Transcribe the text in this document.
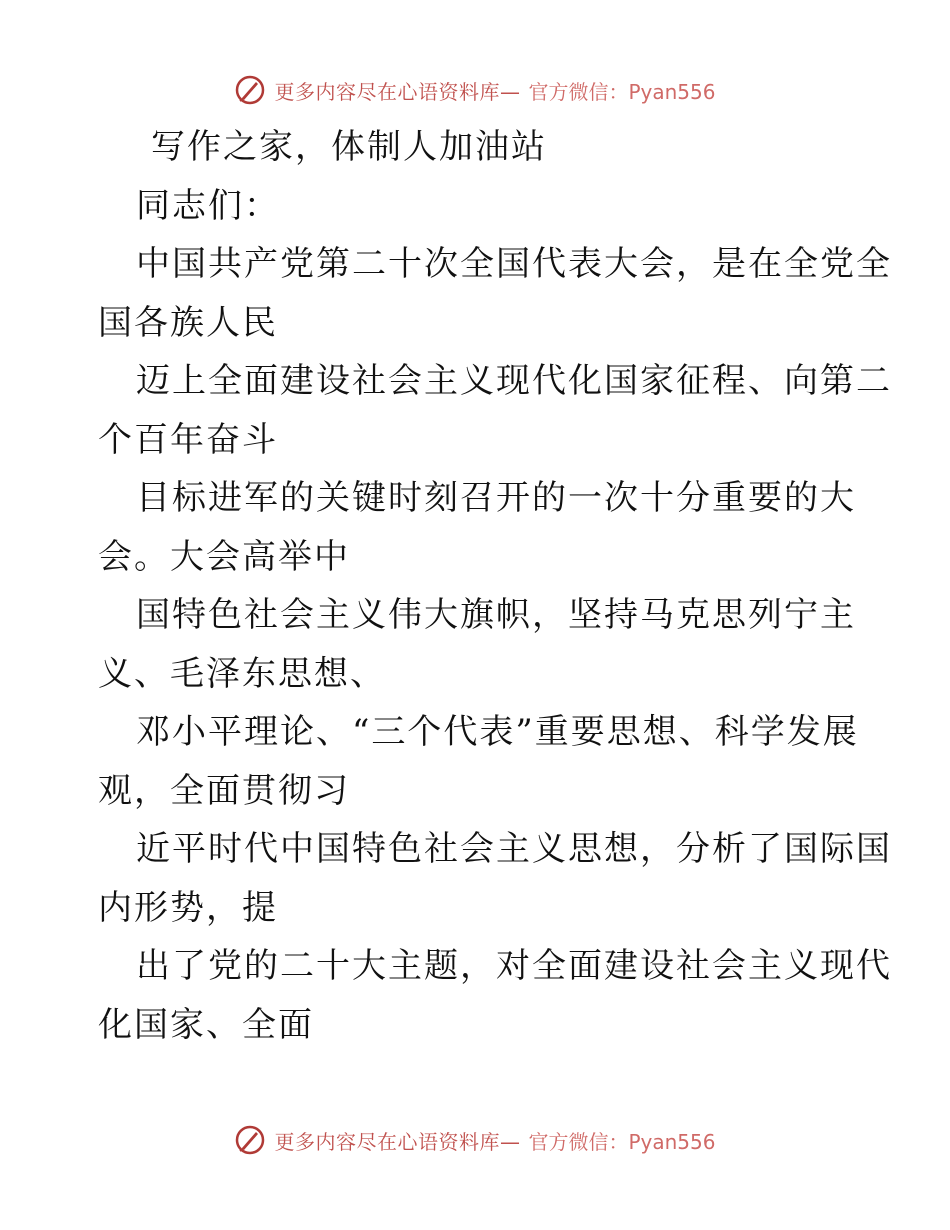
更多内容尽在心语资料库— 官方微信：Pyan556
写作之家，体制人加油站
同志们：
中国共产党第二十次全国代表大会，是在全党全
国各族人民
迈上全面建设社会主义现代化国家征程、向第二
个百年奋斗
目标进军的关键时刻召开的一次十分重要的大
会。大会高举中
国特色社会主义伟大旗帜，坚持马克思列宁主
义、毛泽东思想、
邓小平理论、“三个代表”重要思想、科学发展
观，全面贯彻习
近平时代中国特色社会主义思想，分析了国际国
内形势，提
出了党的二十大主题，对全面建设社会主义现代
化国家、全面
更多内容尽在心语资料库— 官方微信：Pyan556
